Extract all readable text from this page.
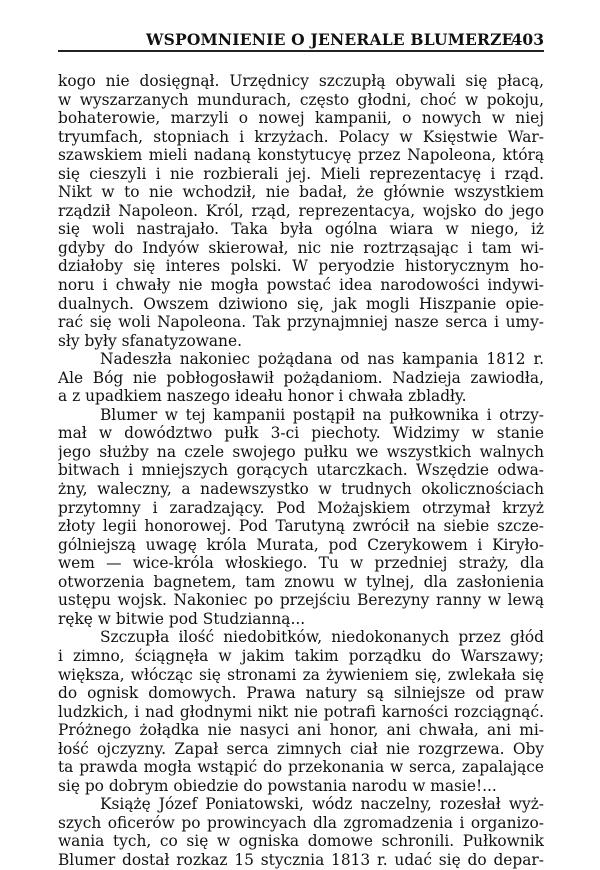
WSPOMNIENIE O JENERALE BLUMERZE
403
kogo nie dosięgnął. Urzędnicy szczupłą obywali się płacą,
w wyszarzanych mundurach, często głodni, choć w pokoju,
bohaterowie, marzyli o nowej kampanii, o nowych w niej
tryumfach, stopniach i krzyżach. Polacy w Księstwie War-
szawskiem mieli nadaną konstytucyę przez Napoleona, którą
się cieszyli i nie rozbierali jej. Mieli reprezentacyę i rząd.
Nikt w to nie wchodził, nie badał, że głównie wszystkiem
rządził Napoleon. Król, rząd, reprezentacya, wojsko do jego
się woli nastrajało. Taka była ogólna wiara w niego, iż
gdyby do Indyów skierował, nic nie roztrząsając i tam wi-
działoby się interes polski. W peryodzie historycznym ho-
noru i chwały nie mogła powstać idea narodowości indywi-
dualnych. Owszem dziwiono się, jak mogli Hiszpanie opie-
rać się woli Napoleona. Tak przynajmniej nasze serca i umy-
sły były sfanatyzowane.
Nadeszła nakoniec pożądana od nas kampania 1812 r.
Ale Bóg nie pobłogosławił pożądaniom. Nadzieja zawiodła,
a z upadkiem naszego ideału honor i chwała zbladły.
Blumer w tej kampanii postąpił na pułkownika i otrzy-
mał w dowództwo pułk 3-ci piechoty. Widzimy w stanie
jego służby na czele swojego pułku we wszystkich walnych
bitwach i mniejszych gorących utarczkach. Wszędzie odwa-
żny, waleczny, a nadewszystko w trudnych okolicznościach
przytomny i zaradzający. Pod Możajskiem otrzymał krzyż
złoty legii honorowej. Pod Tarutyną zwrócił na siebie szcze-
gólniejszą uwagę króla Murata, pod Czerykowem i Kiryło-
wem — wice-króla włoskiego. Tu w przedniej straży, dla
otworzenia bagnetem, tam znowu w tylnej, dla zasłonienia
ustępu wojsk. Nakoniec po przejściu Berezyny ranny w lewą
rękę w bitwie pod Studzianną...
Szczupła ilość niedobitków, niedokonanych przez głód
i zimno, ściągnęła w jakim takim porządku do Warszawy;
większa, włócząc się stronami za żywieniem się, zwlekała się
do ognisk domowych. Prawa natury są silniejsze od praw
ludzkich, i nad głodnymi nikt nie potrafi karności rozciągnąć.
Próżnego żołądka nie nasyci ani honor, ani chwała, ani mi-
łość ojczyzny. Zapał serca zimnych ciał nie rozgrzewa. Oby
ta prawda mogła wstąpić do przekonania w serca, zapalające
się po dobrym obiedzie do powstania narodu w masie!...
Książę Józef Poniatowski, wódz naczelny, rozesłał wyż-
szych oficerów po prowincyach dla zgromadzenia i organizo-
wania tych, co się w ogniska domowe schronili. Pułkownik
Blumer dostał rozkaz 15 stycznia 1813 r. udać się do depar-
